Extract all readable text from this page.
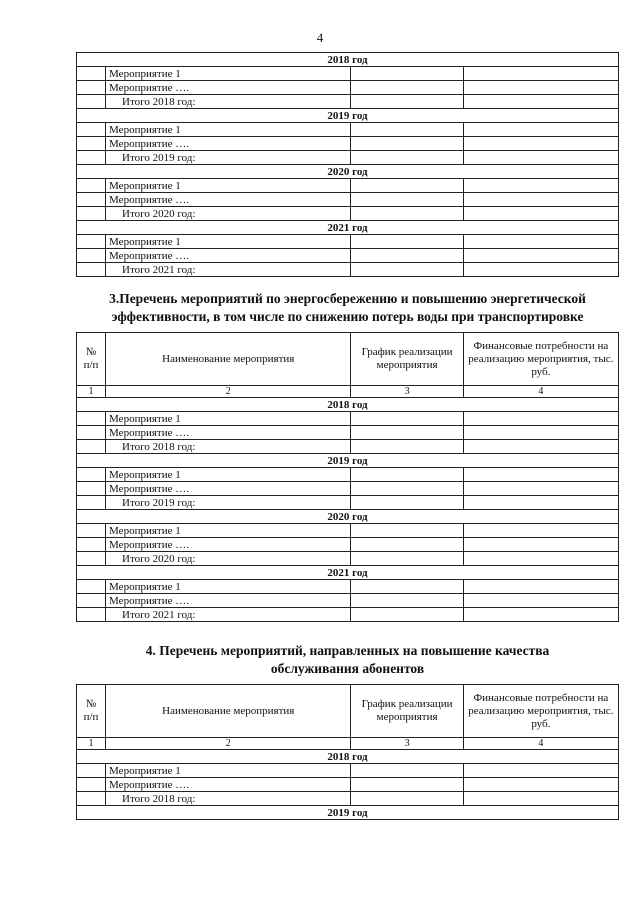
4
2018 год			
	Мероприятие 1		
	Мероприятие ….		
	Итого 2018 год:		
2019 год			
	Мероприятие 1		
	Мероприятие ….		
	Итого 2019 год:		
2020 год			
	Мероприятие 1		
	Мероприятие ….		
	Итого 2020 год:		
2021 год			
	Мероприятие 1		
	Мероприятие ….		
	Итого 2021 год:		
3.Перечень мероприятий по энергосбережению и повышению энергетической
эффективности, в том числе по снижению потерь воды при транспортировке
№ п/п	Наименование мероприятия	График реализации мероприятия	Финансовые потребности на реализацию мероприятия, тыс. руб.
1	2	3	4
2018 год			
	Мероприятие 1		
	Мероприятие ….		
	Итого 2018 год:		
2019 год			
	Мероприятие 1		
	Мероприятие ….		
	Итого 2019 год:		
2020 год			
	Мероприятие 1		
	Мероприятие ….		
	Итого 2020 год:		
2021 год			
	Мероприятие 1		
	Мероприятие ….		
	Итого 2021 год:		
4. Перечень мероприятий, направленных на повышение качества
обслуживания абонентов
№ п/п	Наименование мероприятия	График реализации мероприятия	Финансовые потребности на реализацию мероприятия, тыс. руб.
1	2	3	4
2018 год			
	Мероприятие 1		
	Мероприятие ….		
	Итого 2018 год:		
2019 год			
